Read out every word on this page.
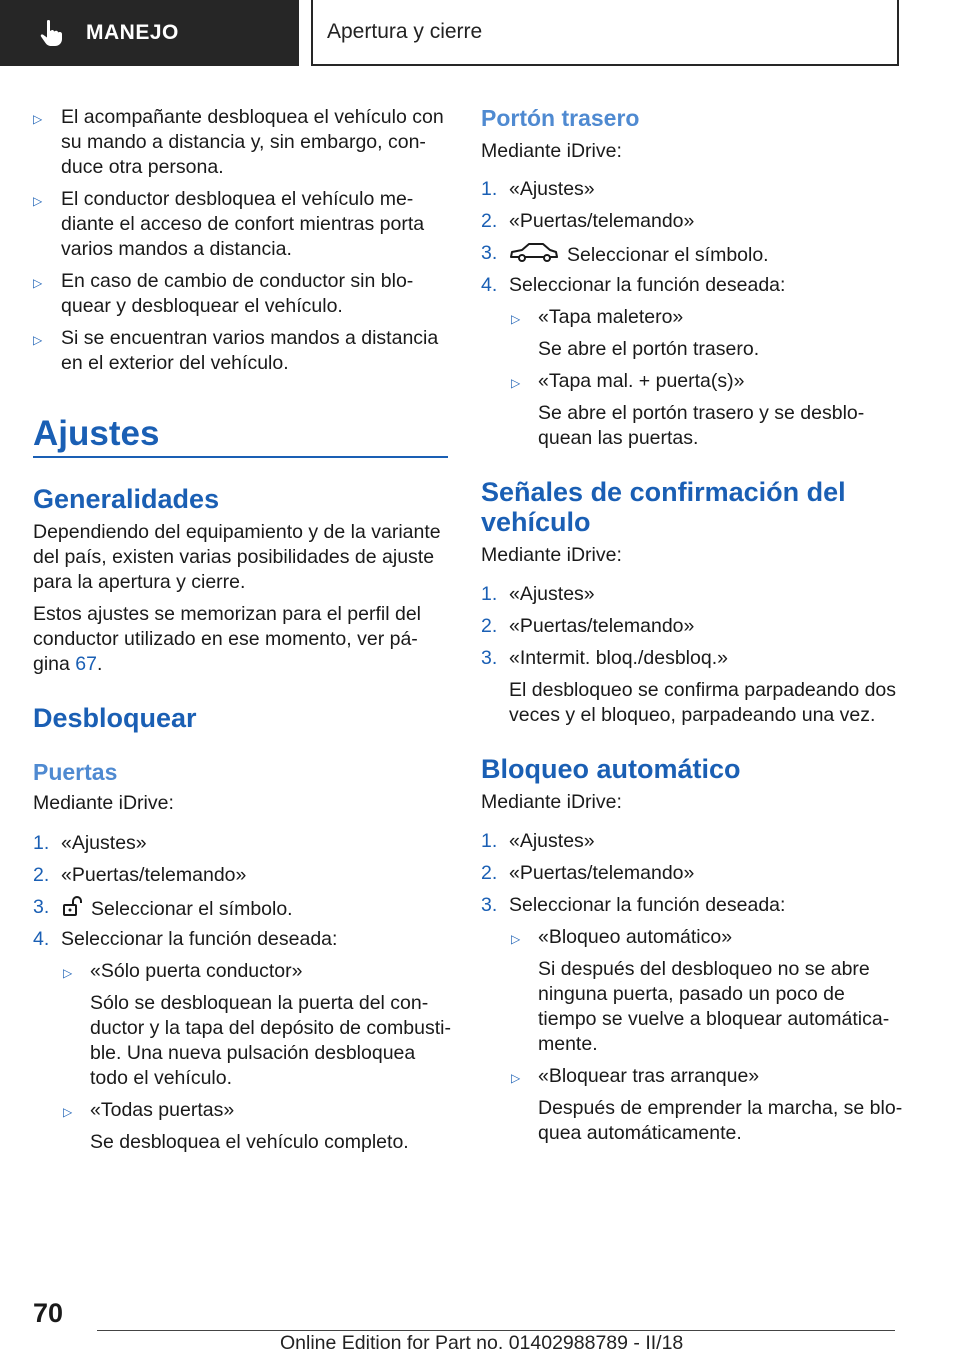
MANEJO	Apertura y cierre
▷ El acompañante desbloquea el vehículo con

su mando a distancia y, sin embargo, con‐

duce otra persona.

▷ El conductor desbloquea el vehículo me‐

diante el acceso de confort mientras porta

varios mandos a distancia.

▷ En caso de cambio de conductor sin blo‐

quear y desbloquear el vehículo.

▷ Si se encuentran varios mandos a distancia

en el exterior del vehículo.

Ajustes
Generalidades

Dependiendo del equipamiento y de la variante

del país, existen varias posibilidades de ajuste

para la apertura y cierre.

Estos ajustes se memorizan para el perfil del

conductor utilizado en ese momento, ver pá‐

gina 67.

Desbloquear
Puertas

Mediante iDrive:

1. «Ajustes»

2. «Puertas/telemando»

3.	Seleccionar el símbolo.

4. Seleccionar la función deseada:

▷ «Sólo puerta conductor»

Sólo se desbloquean la puerta del con‐

ductor y la tapa del depósito de combusti‐

ble. Una nueva pulsación desbloquea

todo el vehículo.

▷ «Todas puertas»

Se desbloquea el vehículo completo.

Portón trasero

Mediante iDrive:

1. «Ajustes»

2. «Puertas/telemando»

3.	Seleccionar el símbolo.

4. Seleccionar la función deseada:

▷ «Tapa maletero»

Se abre el portón trasero.

▷ «Tapa mal. + puerta(s)»

Se abre el portón trasero y se desblo‐

quean las puertas.

Señales de confirmación del
vehículo

Mediante iDrive:

1. «Ajustes»

2. «Puertas/telemando»

3. «Intermit. bloq./desbloq.»

El desbloqueo se confirma parpadeando dos

veces y el bloqueo, parpadeando una vez.

Bloqueo automático

Mediante iDrive:

1. «Ajustes»

2. «Puertas/telemando»

3. Seleccionar la función deseada:

▷ «Bloqueo automático»

Si después del desbloqueo no se abre

ninguna puerta, pasado un poco de

tiempo se vuelve a bloquear automática‐

mente.

▷ «Bloquear tras arranque»

Después de emprender la marcha, se blo‐

quea automáticamente.

70
Online Edition for Part no. 01402988789 - II/18
